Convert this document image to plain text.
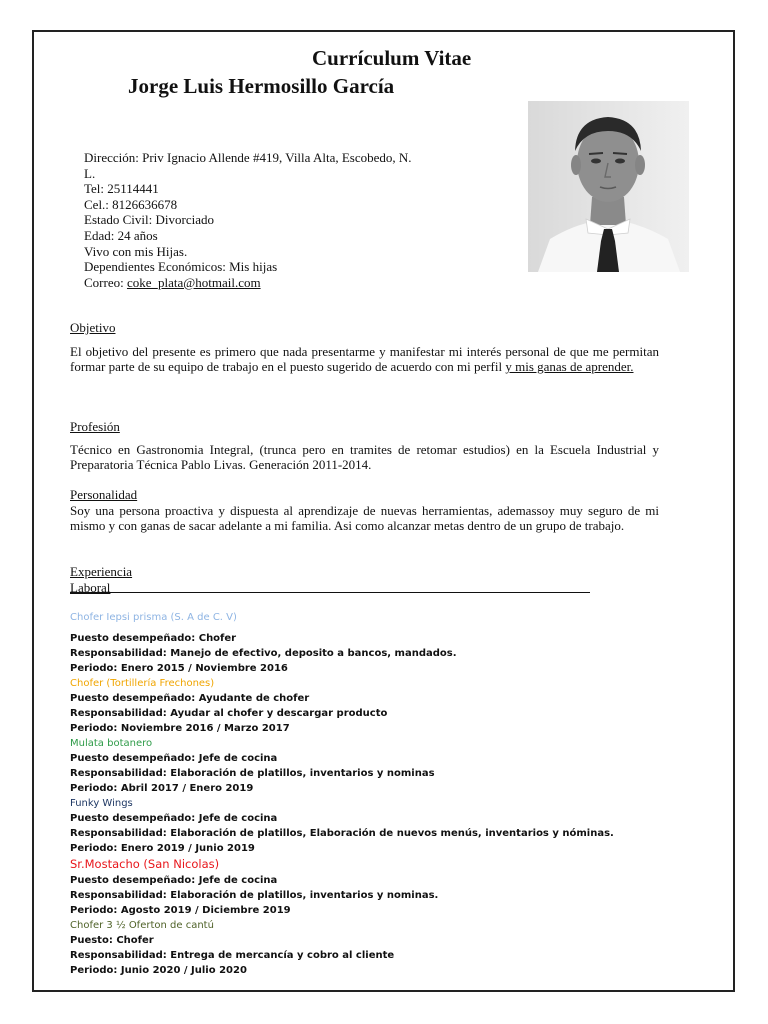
Currículum Vitae
Jorge Luis Hermosillo García
Dirección: Priv Ignacio Allende #419, Villa Alta, Escobedo, N.
L.
Tel: 25114441
Cel.: 8126636678
Estado Civil: Divorciado
Edad: 24 años
Vivo con mis Hijas.
Dependientes Económicos: Mis hijas
Correo: coke_plata@hotmail.com
Objetivo
El objetivo del presente es primero que nada presentarme y manifestar mi interés personal de que me permitan formar parte de su equipo de trabajo en el puesto sugerido de acuerdo con mi perfil y mis ganas de aprender.
Profesión
Técnico en Gastronomia Integral, (trunca pero en tramites de retomar estudios) en la Escuela Industrial y Preparatoria Técnica Pablo Livas. Generación 2011-2014.
Personalidad
Soy una persona proactiva y dispuesta al aprendizaje de nuevas herramientas, ademassoy muy seguro de mi mismo y con ganas de sacar adelante a mi familia. Asi como alcanzar metas dentro de un grupo de trabajo.
Experiencia
Laboral
Chofer Iepsi prisma (S. A de C. V)
Puesto desempeñado: Chofer
Responsabilidad: Manejo de efectivo, deposito a bancos, mandados.
Periodo: Enero 2015 / Noviembre 2016
Chofer (Tortillería Frechones)
Puesto desempeñado: Ayudante de chofer
Responsabilidad: Ayudar al chofer y descargar producto
Periodo: Noviembre 2016 / Marzo 2017
Mulata botanero
Puesto desempeñado: Jefe de cocina
Responsabilidad: Elaboración de platillos, inventarios y nominas
Periodo: Abril 2017 / Enero 2019
Funky Wings
Puesto desempeñado: Jefe de cocina
Responsabilidad: Elaboración de platillos, Elaboración de nuevos menús, inventarios y nóminas.
Periodo: Enero 2019 / Junio 2019
Sr.Mostacho (San Nicolas)
Puesto desempeñado: Jefe de cocina
Responsabilidad: Elaboración de platillos, inventarios y nominas.
Periodo: Agosto 2019 / Diciembre 2019
Chofer 3 ½ Oferton de cantú
Puesto: Chofer
Responsabilidad: Entrega de mercancía y cobro al cliente
Periodo: Junio 2020 / Julio 2020
